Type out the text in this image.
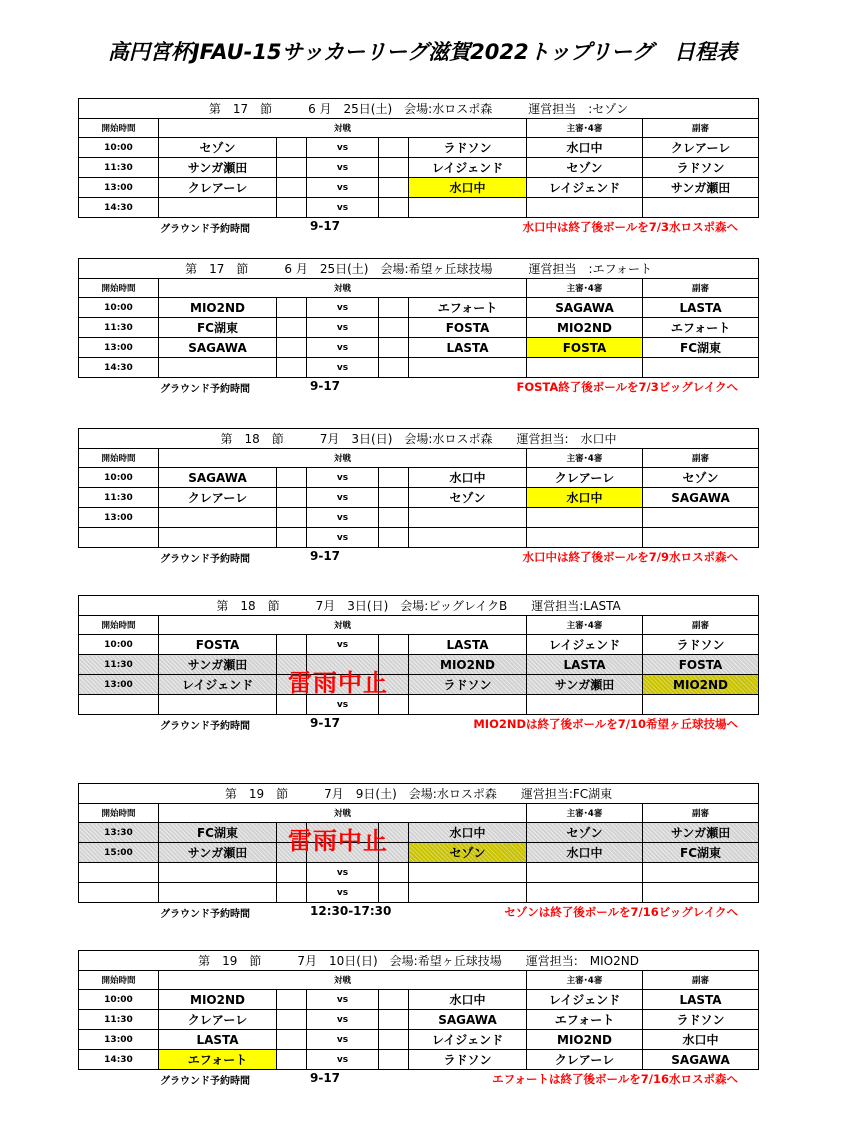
高円宮杯JFAU-15サッカーリーグ滋賀2022トップリーグ　日程表
第　17　節　　　6 月　25日(土)　会場:水ロスポ森　　　運営担当　:セゾン							
開始時間	対戦					主審･4審	副審
10:00	セゾン		vs		ラドソン	水口中	クレアーレ
11:30	サンガ瀬田		vs		レイジェンド	セゾン	ラドソン
13:00	クレアーレ		vs		水口中	レイジェンド	サンガ瀬田
14:30			vs				
グラウンド予約時間	9-17	水口中は終了後ボールを7/3水ロスポ森へ
第　17　節　　　6 月　25日(土)　会場:希望ヶ丘球技場　　　運営担当　:エフォート							
開始時間	対戦					主審･4審	副審
10:00	MIO2ND		vs		エフォート	SAGAWA	LASTA
11:30	FC湖東		vs		FOSTA	MIO2ND	エフォート
13:00	SAGAWA		vs		LASTA	FOSTA	FC湖東
14:30			vs				
グラウンド予約時間	9-17	FOSTA終了後ボールを7/3ビッグレイクへ
第　18　節　　　7月　3日(日)　会場:水ロスポ森　　運営担当:　水口中							
開始時間	対戦					主審･4審	副審
10:00	SAGAWA		vs		水口中	クレアーレ	セゾン
11:30	クレアーレ		vs		セゾン	水口中	SAGAWA
13:00			vs				
			vs				
グラウンド予約時間	9-17	水口中は終了後ボールを7/9水ロスポ森へ
第　18　節　　　7月　3日(日)　会場:ビッグレイクB　　運営担当:LASTA							
開始時間	対戦					主審･4審	副審
10:00	FOSTA		vs		LASTA	レイジェンド	ラドソン
11:30	サンガ瀬田				MIO2ND	LASTA	FOSTA
13:00	レイジェンド				ラドソン	サンガ瀬田	MIO2ND
			vs				
グラウンド予約時間	9-17	MIO2NDは終了後ボールを7/10希望ヶ丘球技場へ
雷雨中止
第　19　節　　　7月　9日(土)　会場:水ロスポ森　　運営担当:FC湖東							
開始時間	対戦					主審･4審	副審
13:30	FC湖東				水口中	セゾン	サンガ瀬田
15:00	サンガ瀬田				セゾン	水口中	FC湖東
			vs				
			vs				
グラウンド予約時間	12:30-17:30	セゾンは終了後ボールを7/16ビッグレイクへ
雷雨中止
第　19　節　　　7月　10日(日)　会場:希望ヶ丘球技場　　運営担当:　MIO2ND							
開始時間	対戦					主審･4審	副審
10:00	MIO2ND		vs		水口中	レイジェンド	LASTA
11:30	クレアーレ		vs		SAGAWA	エフォート	ラドソン
13:00	LASTA		vs		レイジェンド	MIO2ND	水口中
14:30	エフォート		vs		ラドソン	クレアーレ	SAGAWA
グラウンド予約時間	9-17	エフォートは終了後ボールを7/16水ロスポ森へ
